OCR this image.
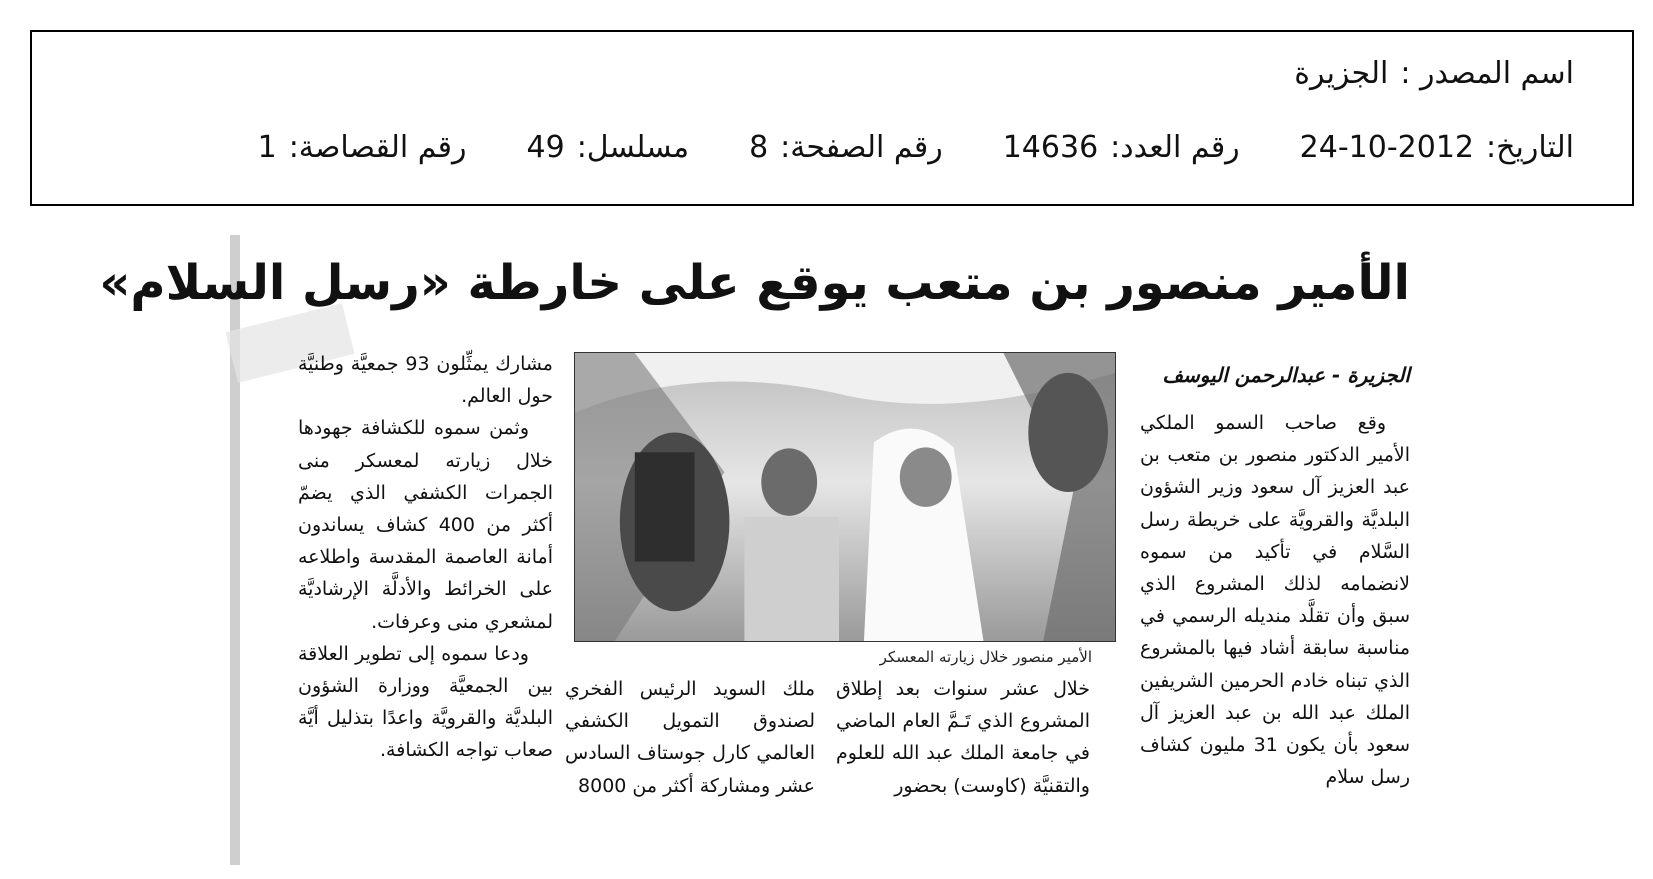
اسم المصدر :
الجزيرة
التاريخ:
24-10-2012
رقم العدد:
14636
رقم الصفحة:
8
مسلسل:
49
رقم القصاصة:
1
الأمير منصور بن متعب يوقع على خارطة «رسل السلام»
الجزيرة - عبدالرحمن اليوسف

وقع صاحب السمو الملكي الأمير الدكتور منصور بن متعب بن عبد العزيز آل سعود وزير الشؤون البلديَّة والقرويَّة على خريطة رسل السَّلام في تأكيد من سموه لانضمامه لذلك المشروع الذي سبق وأن تقلَّد منديله الرسمي في مناسبة سابقة أشاد فيها بالمشروع الذي تبناه خادم الحرمين الشريفين الملك عبد الله بن عبد العزيز آل سعود بأن يكون 31 مليون كشاف رسل سلام

الأمير منصور خلال زيارته المعسكر

خلال عشر سنوات بعد إطلاق المشروع الذي تَـمَّ العام الماضي في جامعة الملك عبد الله للعلوم والتقنيَّة (كاوست) بحضور

ملك السويد الرئيس الفخري لصندوق التمويل الكشفي العالمي كارل جوستاف السادس عشر ومشاركة أكثر من 8000

مشارك يمثِّلون 93 جمعيَّة وطنيَّة حول العالم.

وثمن سموه للكشافة جهودها خلال زيارته لمعسكر منى الجمرات الكشفي الذي يضمّ أكثر من 400 كشاف يساندون أمانة العاصمة المقدسة واطلاعه على الخرائط والأدلَّة الإرشاديَّة لمشعري منى وعرفات.

ودعا سموه إلى تطوير العلاقة بين الجمعيَّة ووزارة الشؤون البلديَّة والقرويَّة واعدًا بتذليل أيَّة صعاب تواجه الكشافة.
